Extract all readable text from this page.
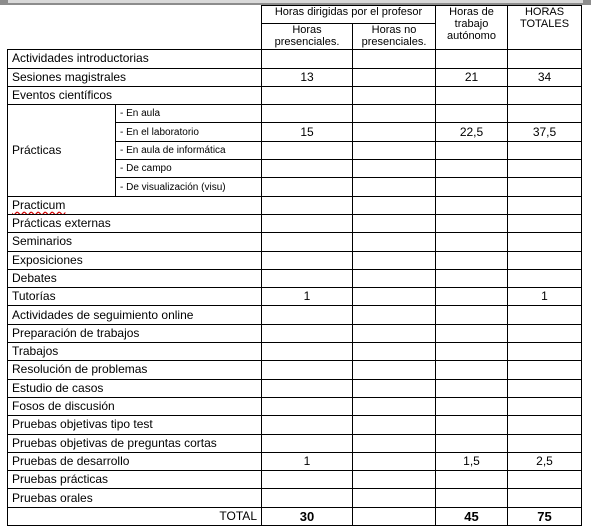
		Horas dirigidas por el profesor		Horas de trabajo autónomo	HORAS TOTALES
		Horas presenciales.	Horas no presenciales.		
Actividades introductorias					
Sesiones magistrales		13		21	34
Eventos científicos					
Prácticas	- En aula				
	- En el laboratorio	15		22,5	37,5
	- En aula de informática				
	- De campo				
	- De visualización (visu)				
Practicum					
Prácticas externas					
Seminarios					
Exposiciones					
Debates					
Tutorías		1			1
Actividades de seguimiento online					
Preparación de trabajos					
Trabajos					
Resolución de problemas					
Estudio de casos					
Fosos de discusión					
Pruebas objetivas tipo test					
Pruebas objetivas de preguntas cortas					
Pruebas de desarrollo		1		1,5	2,5
Pruebas prácticas					
Pruebas orales					
TOTAL		30		45	75
